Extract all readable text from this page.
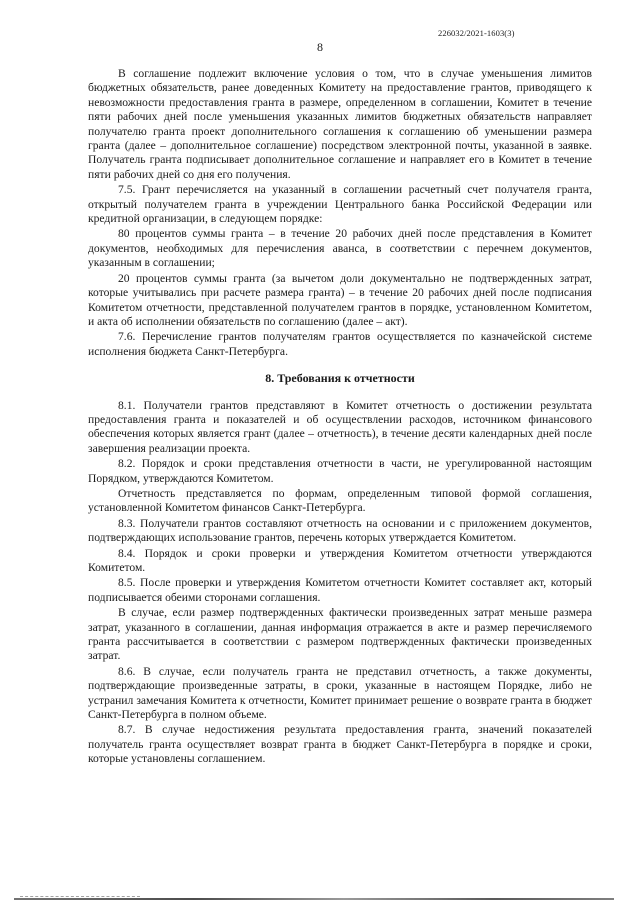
226032/2021-1603(3)
8

В соглашение подлежит включение условия о том, что в случае уменьшения лимитов бюджетных обязательств, ранее доведенных Комитету на предоставление грантов, приводящего к невозможности предоставления гранта в размере, определенном в соглашении, Комитет в течение пяти рабочих дней после уменьшения указанных лимитов бюджетных обязательств направляет получателю гранта проект дополнительного соглашения к соглашению об уменьшении размера гранта (далее – дополнительное соглашение) посредством электронной почты, указанной в заявке. Получатель гранта подписывает дополнительное соглашение и направляет его в Комитет в течение пяти рабочих дней со дня его получения.

7.5. Грант перечисляется на указанный в соглашении расчетный счет получателя гранта, открытый получателем гранта в учреждении Центрального банка Российской Федерации или кредитной организации, в следующем порядке:

80 процентов суммы гранта – в течение 20 рабочих дней после представления в Комитет документов, необходимых для перечисления аванса, в соответствии с перечнем документов, указанным в соглашении;

20 процентов суммы гранта (за вычетом доли документально не подтвержденных затрат, которые учитывались при расчете размера гранта) – в течение 20 рабочих дней после подписания Комитетом отчетности, представленной получателем грантов в порядке, установленном Комитетом, и акта об исполнении обязательств по соглашению (далее – акт).

7.6. Перечисление грантов получателям грантов осуществляется по казначейской системе исполнения бюджета Санкт-Петербурга.

8. Требования к отчетности

8.1. Получатели грантов представляют в Комитет отчетность о достижении результата предоставления гранта и показателей и об осуществлении расходов, источником финансового обеспечения которых является грант (далее – отчетность), в течение десяти календарных дней после завершения реализации проекта.

8.2. Порядок и сроки представления отчетности в части, не урегулированной настоящим Порядком, утверждаются Комитетом.

Отчетность представляется по формам, определенным типовой формой соглашения, установленной Комитетом финансов Санкт-Петербурга.

8.3. Получатели грантов составляют отчетность на основании и с приложением документов, подтверждающих использование грантов, перечень которых утверждается Комитетом.

8.4. Порядок и сроки проверки и утверждения Комитетом отчетности утверждаются Комитетом.

8.5. После проверки и утверждения Комитетом отчетности Комитет составляет акт, который подписывается обеими сторонами соглашения.

В случае, если размер подтвержденных фактически произведенных затрат меньше размера затрат, указанного в соглашении, данная информация отражается в акте и размер перечисляемого гранта рассчитывается в соответствии с размером подтвержденных фактически произведенных затрат.

8.6. В случае, если получатель гранта не представил отчетность, а также документы, подтверждающие произведенные затраты, в сроки, указанные в настоящем Порядке, либо не устранил замечания Комитета к отчетности, Комитет принимает решение о возврате гранта в бюджет Санкт-Петербурга в полном объеме.

8.7. В случае недостижения результата предоставления гранта, значений показателей получатель гранта осуществляет возврат гранта в бюджет Санкт-Петербурга в порядке и сроки, которые установлены соглашением.
